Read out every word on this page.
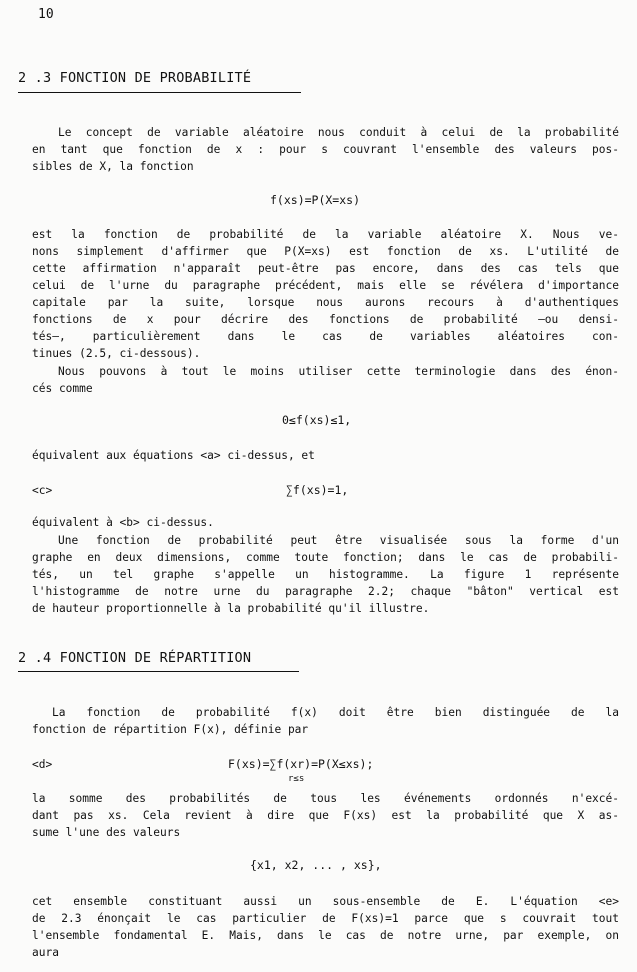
10
2 .3 FONCTION DE PROBABILITÉ
Le concept de variable aléatoire nous conduit à celui de la probabilité
en tant que fonction de x : pour s couvrant l'ensemble des valeurs pos-
sibles de X, la fonction
f(xs)=P(X=xs)
est la fonction de probabilité de la variable aléatoire X. Nous ve-
nons simplement d'affirmer que P(X=xs) est fonction de xs. L'utilité de
cette affirmation n'apparaît peut-être pas encore, dans des cas tels que
celui de l'urne du paragraphe précédent, mais elle se révélera d'importance
capitale par la suite, lorsque nous aurons recours à d'authentiques
fonctions de x pour décrire des fonctions de probabilité —ou densi-
tés—, particulièrement dans le cas de variables aléatoires con-
tinues (2.5, ci-dessous).
Nous pouvons à tout le moins utiliser cette terminologie dans des énon-
cés comme
0≤f(xs)≤1,
équivalent aux équations <a> ci-dessus, et
<c>	∑f(xs)=1,
équivalent à <b> ci-dessus.
Une fonction de probabilité peut être visualisée sous la forme d'un
graphe en deux dimensions, comme toute fonction; dans le cas de probabili-
tés, un tel graphe s'appelle un histogramme. La figure 1 représente
l'histogramme de notre urne du paragraphe 2.2; chaque "bâton" vertical est
de hauteur proportionnelle à la probabilité qu'il illustre.
2 .4 FONCTION DE RÉPARTITION
La fonction de probabilité f(x) doit être bien distinguée de la
fonction de répartition F(x), définie par
<d>	F(xs)=∑f(xr)=P(X≤xs);
r≤s
la somme des probabilités de tous les événements ordonnés n'excé-
dant pas xs. Cela revient à dire que F(xs) est la probabilité que X as-
sume l'une des valeurs
{x1, x2, ... , xs},
cet ensemble constituant aussi un sous-ensemble de E. L'équation <e>
de 2.3 énonçait le cas particulier de F(xs)=1 parce que s couvrait tout
l'ensemble fondamental E. Mais, dans le cas de notre urne, par exemple, on
aura
